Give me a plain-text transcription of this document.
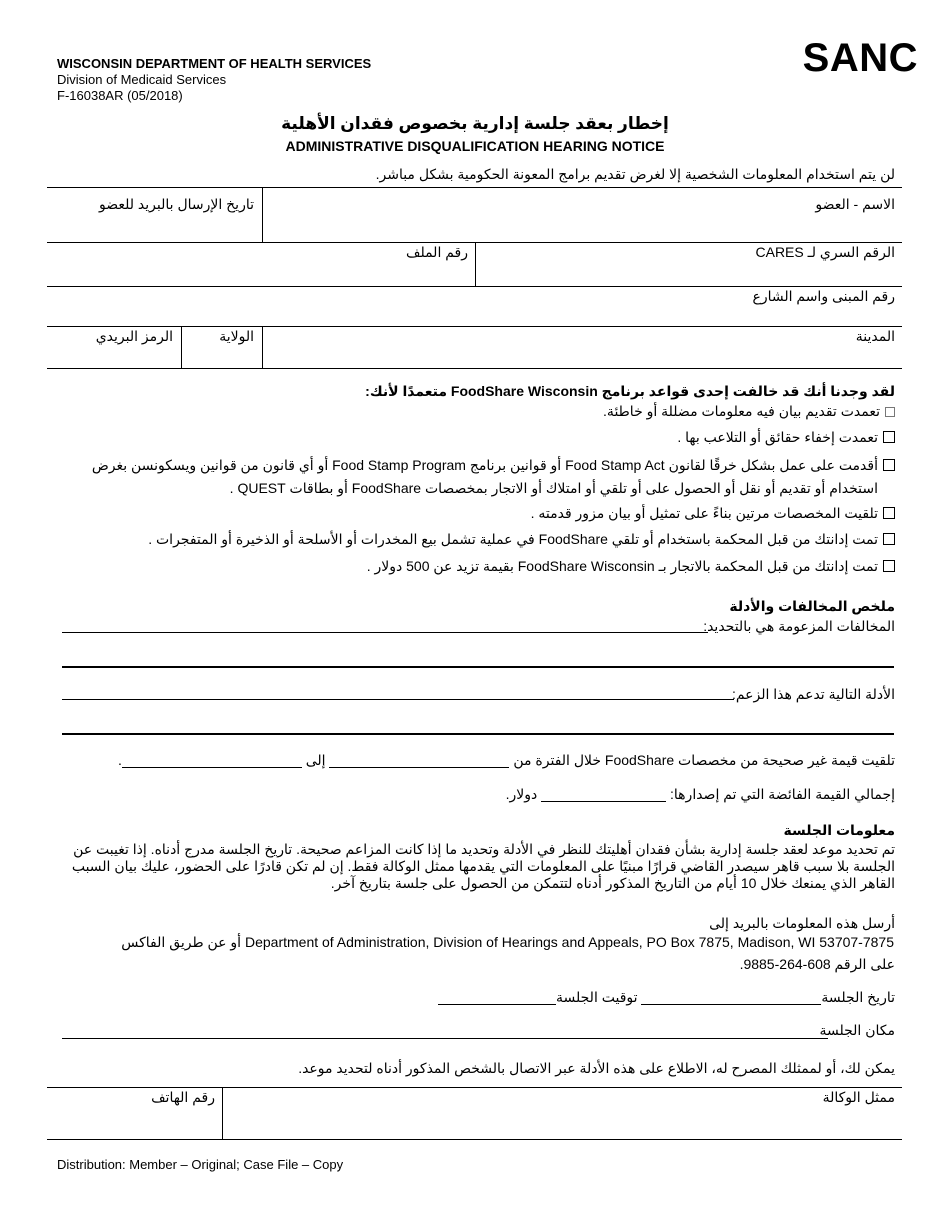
WISCONSIN DEPARTMENT OF HEALTH SERVICES
Division of Medicaid Services
F-16038AR (05/2018)
SANC
إخطار بعقد جلسة إدارية بخصوص فقدان الأهلية
ADMINISTRATIVE DISQUALIFICATION HEARING NOTICE
لن يتم استخدام المعلومات الشخصية إلا لغرض تقديم برامج المعونة الحكومية بشكل مباشر.
الاسم - العضو
تاريخ الإرسال بالبريد للعضو
الرقم السري لـ CARES
رقم الملف
رقم المبنى واسم الشارع
المدينة
الولاية
الرمز البريدي
لقد وجدنا أنك قد خالفت إحدى قواعد برنامج FoodShare Wisconsin متعمدًا لأنك:
تعمدت تقديم بيان فيه معلومات مضللة أو خاطئة.
تعمدت إخفاء حقائق أو التلاعب بها .
أقدمت على عمل بشكل خرقًا لقانون Food Stamp Act أو قوانين برنامج Food Stamp Program أو أي قانون من قوانين ويسكونسن بغرض
استخدام أو تقديم أو نقل أو الحصول على أو تلقي أو امتلاك أو الاتجار بمخصصات FoodShare أو بطاقات QUEST .
تلقيت المخصصات مرتين بناءً على تمثيل أو بيان مزور قدمته .
تمت إدانتك من قبل المحكمة باستخدام أو تلقي FoodShare في عملية تشمل بيع المخدرات أو الأسلحة أو الذخيرة أو المتفجرات .
تمت إدانتك من قبل المحكمة بالاتجار بـ FoodShare Wisconsin بقيمة تزيد عن 500 دولار .
ملخص المخالفات والأدلة
المخالفات المزعومة هي بالتحديد:
الأدلة التالية تدعم هذا الزعم:
تلقيت قيمة غير صحيحة من مخصصات FoodShare خلال الفترة من  إلى .
إجمالي القيمة الفائضة التي تم إصدارها:  دولار.
معلومات الجلسة
تم تحديد موعد لعقد جلسة إدارية بشأن فقدان أهليتك للنظر في الأدلة وتحديد ما إذا كانت المزاعم صحيحة. تاريخ الجلسة مدرج أدناه. إذا تغيبت عن الجلسة بلا سبب قاهر سيصدر القاضي قرارًا مبنيًا على المعلومات التي يقدمها ممثل الوكالة فقط. إن لم تكن قادرًا على الحضور، عليك بيان السبب القاهر الذي يمنعك خلال 10 أيام من التاريخ المذكور أدناه لتتمكن من الحصول على جلسة بتاريخ آخر.
أرسل هذه المعلومات بالبريد إلى
أو عن طريق الفاكس Department of Administration, Division of Hearings and Appeals, PO Box 7875, Madison, WI 53707-7875
على الرقم 608-264-9885.
تاريخ الجلسة توقيت الجلسة
مكان الجلسة
يمكن لك، أو لممثلك المصرح له، الاطلاع على هذه الأدلة عبر الاتصال بالشخص المذكور أدناه لتحديد موعد.
ممثل الوكالة
رقم الهاتف
Distribution: Member – Original; Case File – Copy
